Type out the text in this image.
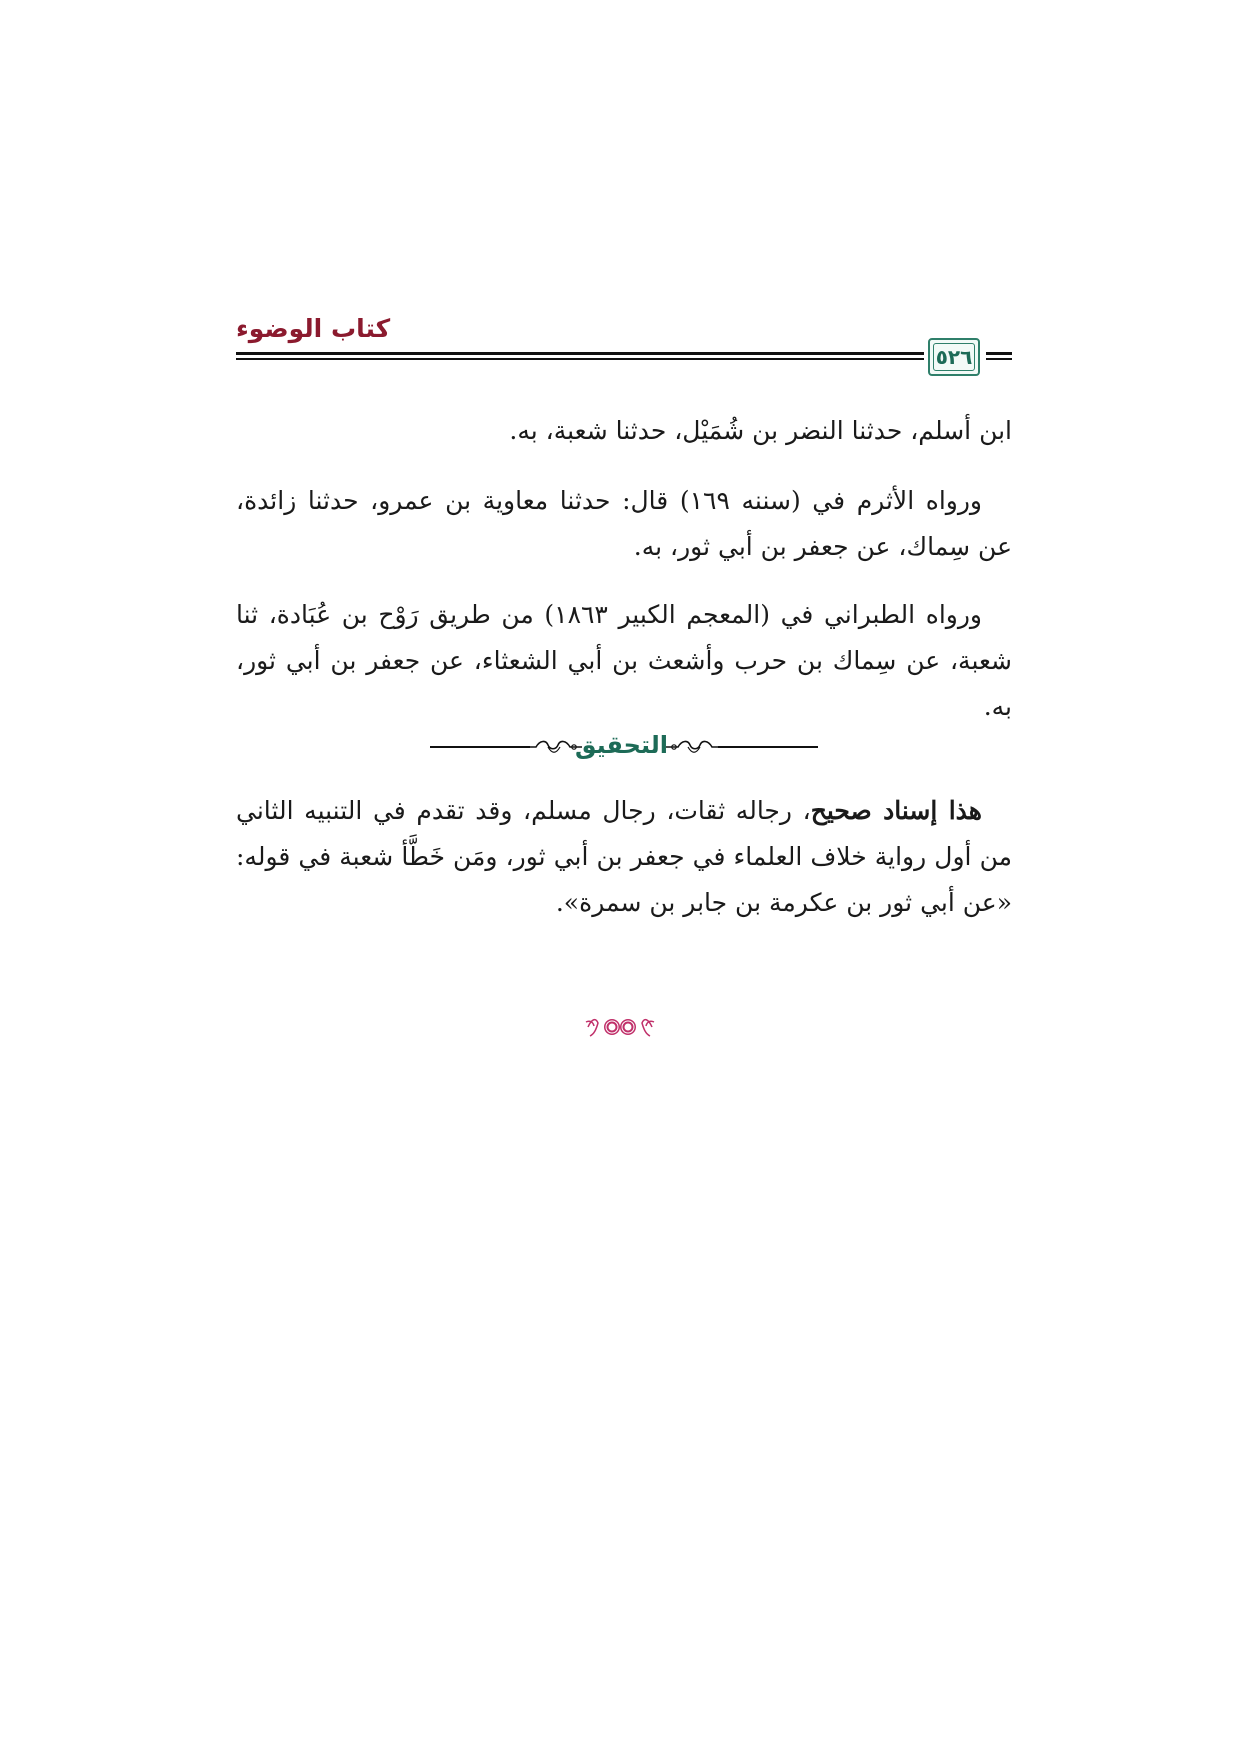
كتاب الوضوء
٥٢٦
ابن أسلم، حدثنا النضر بن شُمَيْل، حدثنا شعبة، به.
ورواه الأثرم في (سننه ١٦٩) قال: حدثنا معاوية بن عمرو، حدثنا زائدة، عن سِماك، عن جعفر بن أبي ثور، به.
ورواه الطبراني في (المعجم الكبير ١٨٦٣) من طريق رَوْح بن عُبَادة، ثنا شعبة، عن سِماك بن حرب وأشعث بن أبي الشعثاء، عن جعفر بن أبي ثور، به.
التحقيق
هذا إسناد صحيح، رجاله ثقات، رجال مسلم، وقد تقدم في التنبيه الثاني من أول رواية خلاف العلماء في جعفر بن أبي ثور، ومَن خَطَّأ شعبة في قوله: «عن أبي ثور بن عكرمة بن جابر بن سمرة».
